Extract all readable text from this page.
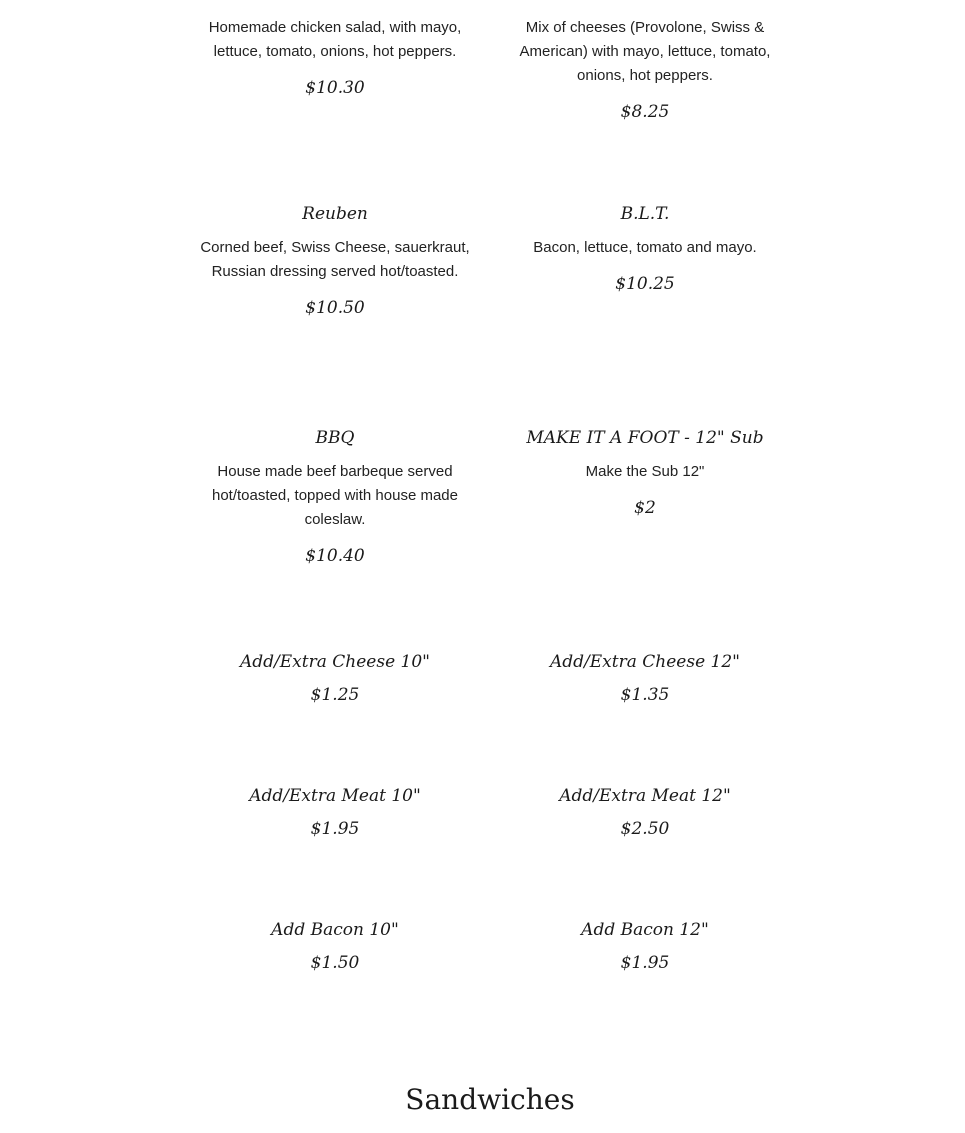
Homemade chicken salad, with mayo, lettuce, tomato, onions, hot peppers.

$10.30

Mix of cheeses (Provolone, Swiss & American) with mayo, lettuce, tomato, onions, hot peppers.

$8.25

Reuben

Corned beef, Swiss Cheese, sauerkraut, Russian dressing served hot/toasted.

$10.50

B.L.T.

Bacon, lettuce, tomato and mayo.

$10.25

BBQ

House made beef barbeque served hot/toasted, topped with house made coleslaw.

$10.40

MAKE IT A FOOT - 12" Sub

Make the Sub 12"

$2

Add/Extra Cheese 10"

$1.25

Add/Extra Cheese 12"

$1.35

Add/Extra Meat 10"

$1.95

Add/Extra Meat 12"

$2.50

Add Bacon 10"

$1.50

Add Bacon 12"

$1.95

Sandwiches
